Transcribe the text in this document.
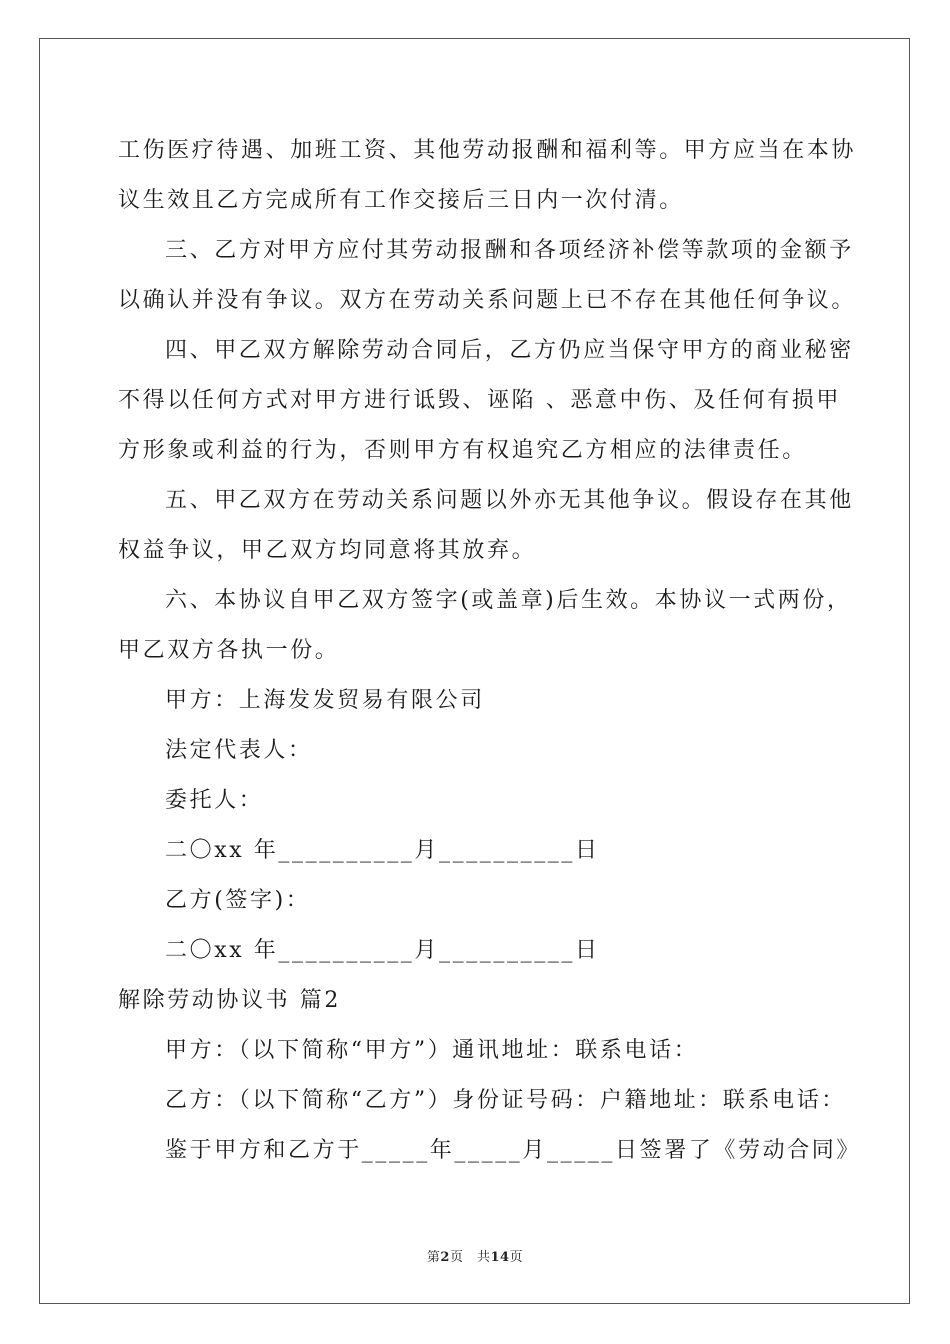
工伤医疗待遇、加班工资、其他劳动报酬和福利等。甲方应当在本协
议生效且乙方完成所有工作交接后三日内一次付清。
三、乙方对甲方应付其劳动报酬和各项经济补偿等款项的金额予
以确认并没有争议。双方在劳动关系问题上已不存在其他任何争议。
四、甲乙双方解除劳动合同后，乙方仍应当保守甲方的商业秘密
不得以任何方式对甲方进行诋毁、诬陷 、恶意中伤、及任何有损甲
方形象或利益的行为，否则甲方有权追究乙方相应的法律责任。
五、甲乙双方在劳动关系问题以外亦无其他争议。假设存在其他
权益争议，甲乙双方均同意将其放弃。
六、本协议自甲乙双方签字(或盖章)后生效。本协议一式两份，
甲乙双方各执一份。
甲方：上海发发贸易有限公司
法定代表人：
委托人：
二〇xx 年__________月__________日
乙方(签字)：
二〇xx 年__________月__________日
解除劳动协议书 篇2
甲方：（以下简称“甲方”）通讯地址：联系电话：
乙方：（以下简称“乙方”）身份证号码：户籍地址：联系电话：
鉴于甲方和乙方于_____年_____月_____日签署了《劳动合同》
第2页　共14页
